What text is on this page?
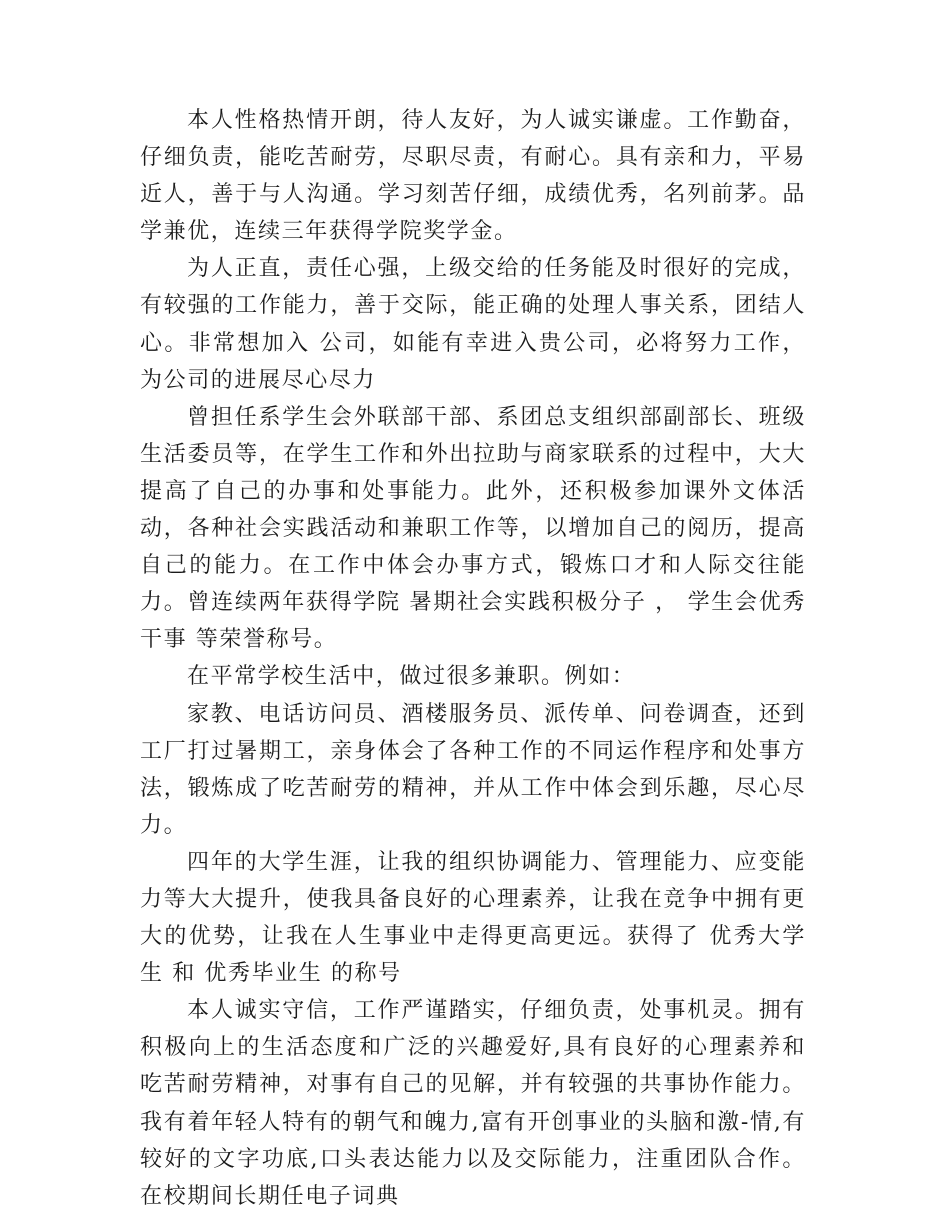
本人性格热情开朗，待人友好，为人诚实谦虚。工作勤奋，仔细负责，能吃苦耐劳，尽职尽责，有耐心。具有亲和力，平易近人，善于与人沟通。学习刻苦仔细，成绩优秀，名列前茅。品学兼优，连续三年获得学院奖学金。

为人正直，责任心强，上级交给的任务能及时很好的完成，有较强的工作能力，善于交际，能正确的处理人事关系，团结人心。非常想加入 公司，如能有幸进入贵公司，必将努力工作，为公司的进展尽心尽力

曾担任系学生会外联部干部、系团总支组织部副部长、班级生活委员等，在学生工作和外出拉助与商家联系的过程中，大大提高了自己的办事和处事能力。此外，还积极参加课外文体活动，各种社会实践活动和兼职工作等，以增加自己的阅历，提高自己的能力。在工作中体会办事方式，锻炼口才和人际交往能力。曾连续两年获得学院 暑期社会实践积极分子 ， 学生会优秀干事 等荣誉称号。

在平常学校生活中，做过很多兼职。例如：

家教、电话访问员、酒楼服务员、派传单、问卷调查，还到工厂打过暑期工，亲身体会了各种工作的不同运作程序和处事方法，锻炼成了吃苦耐劳的精神，并从工作中体会到乐趣，尽心尽力。

四年的大学生涯，让我的组织协调能力、管理能力、应变能力等大大提升，使我具备良好的心理素养，让我在竞争中拥有更大的优势，让我在人生事业中走得更高更远。获得了 优秀大学生 和 优秀毕业生 的称号

本人诚实守信，工作严谨踏实，仔细负责，处事机灵。拥有积极向上的生活态度和广泛的兴趣爱好,具有良好的心理素养和吃苦耐劳精神，对事有自己的见解，并有较强的共事协作能力。我有着年轻人特有的朝气和魄力,富有开创事业的头脑和激-情,有较好的文字功底,口头表达能力以及交际能力，注重团队合作。在校期间长期任电子词典
